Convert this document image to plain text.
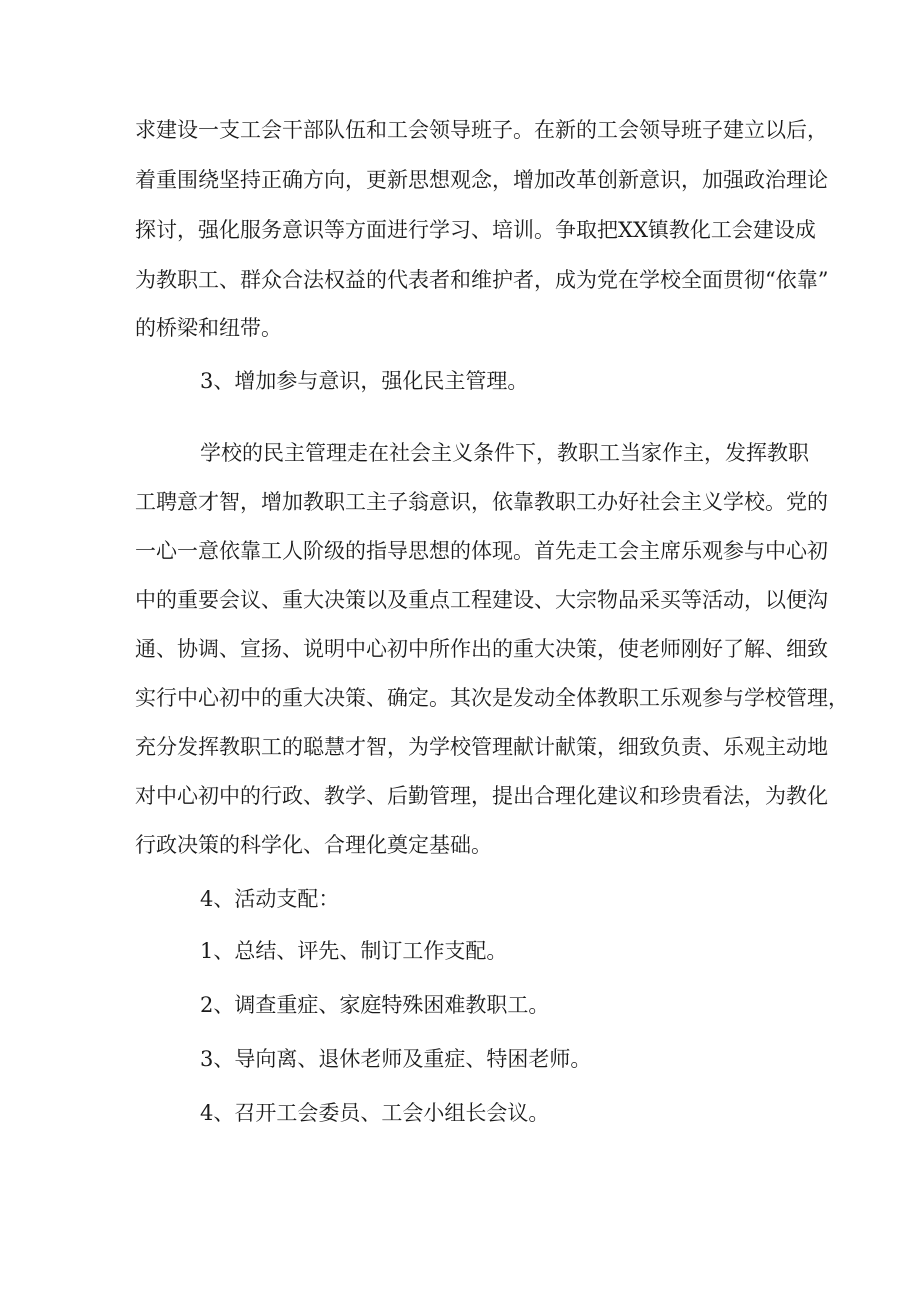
求建设一支工会干部队伍和工会领导班子。在新的工会领导班子建立以后，
着重围绕坚持正确方向，更新思想观念，增加改革创新意识，加强政治理论
探讨，强化服务意识等方面进行学习、培训。争取把XX镇教化工会建设成
为教职工、群众合法权益的代表者和维护者，成为党在学校全面贯彻“依靠”
的桥梁和纽带。
3、增加参与意识，强化民主管理。
学校的民主管理走在社会主义条件下，教职工当家作主，发挥教职
工聘意才智，增加教职工主子翁意识，依靠教职工办好社会主义学校。党的
一心一意依靠工人阶级的指导思想的体现。首先走工会主席乐观参与中心初
中的重要会议、重大决策以及重点工程建设、大宗物品采买等活动，以便沟
通、协调、宣扬、说明中心初中所作出的重大决策，使老师刚好了解、细致
实行中心初中的重大决策、确定。其次是发动全体教职工乐观参与学校管理，
充分发挥教职工的聪慧才智，为学校管理献计献策，细致负责、乐观主动地
对中心初中的行政、教学、后勤管理，提出合理化建议和珍贵看法，为教化
行政决策的科学化、合理化奠定基础。
4、活动支配：
1、总结、评先、制订工作支配。
2、调查重症、家庭特殊困难教职工。
3、导向离、退休老师及重症、特困老师。
4、召开工会委员、工会小组长会议。
